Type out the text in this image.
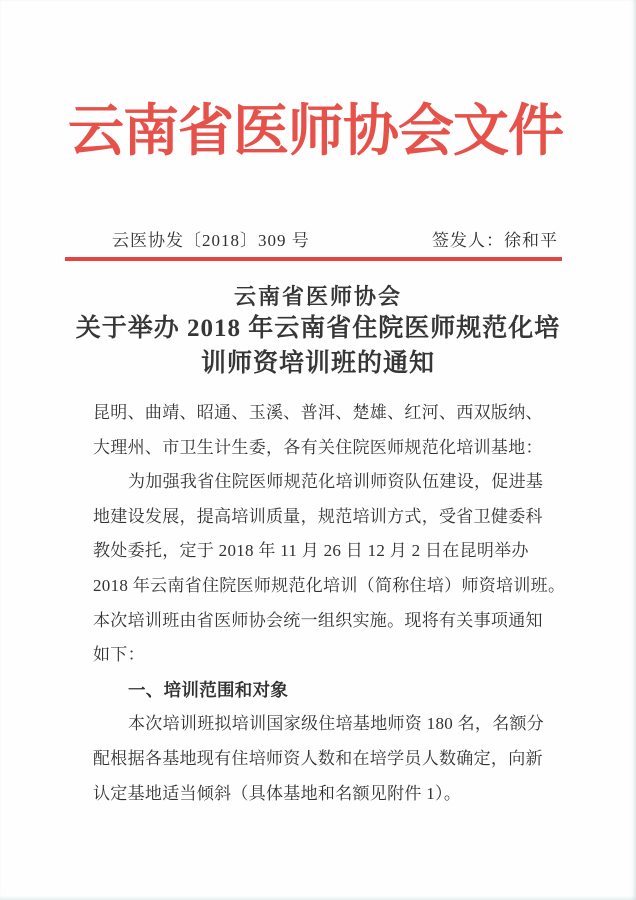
云南省医师协会文件
云医协发〔2018〕309 号	签发人：徐和平
云南省医师协会
关于举办 2018 年云南省住院医师规范化培
训师资培训班的通知
昆明、曲靖、昭通、玉溪、普洱、楚雄、红河、西双版纳、
大理州、市卫生计生委，各有关住院医师规范化培训基地：
为加强我省住院医师规范化培训师资队伍建设，促进基
地建设发展，提高培训质量，规范培训方式，受省卫健委科
教处委托，定于 2018 年 11 月 26 日 12 月 2 日在昆明举办
2018 年云南省住院医师规范化培训（简称住培）师资培训班。
本次培训班由省医师协会统一组织实施。现将有关事项通知
如下：
一、培训范围和对象
本次培训班拟培训国家级住培基地师资 180 名，名额分
配根据各基地现有住培师资人数和在培学员人数确定，向新
认定基地适当倾斜（具体基地和名额见附件 1）。
